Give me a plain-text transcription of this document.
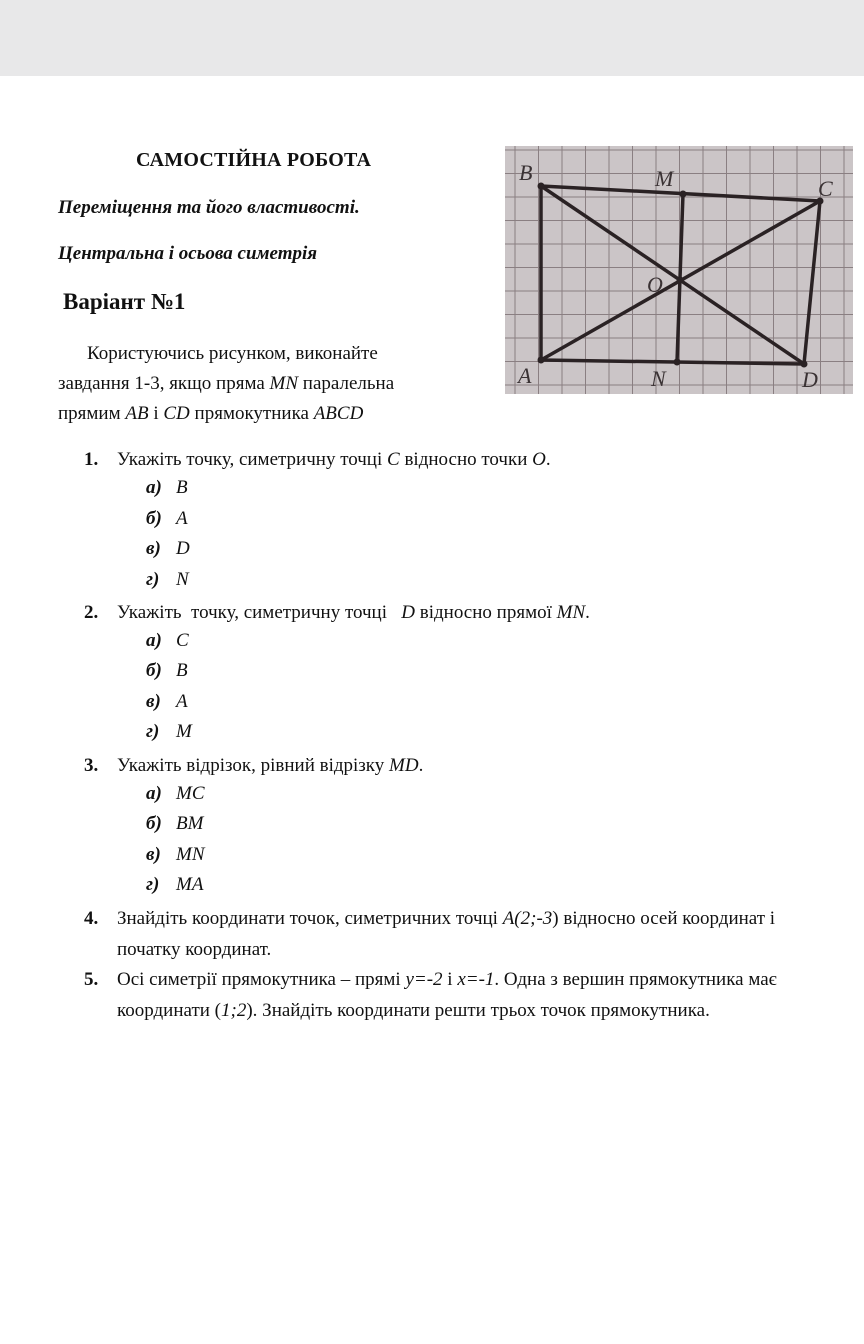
САМОСТІЙНА РОБОТА
Переміщення та його властивості.
Центральна і осьова симетрія
Варіант №1

Користуючись рисунком, виконайте

завдання 1-3, якщо пряма MN паралельна

прямим AB і CD прямокутника ABCD

B	M	C
O
A	N	D
1. Укажіть точку, симетричну точці C відносно точки O.
а) B
б) A
в) D
г) N
2. Укажіть  точку, симетричну точці   D відносно прямої MN.
а) C
б) B
в) A
г) M
3. Укажіть відрізок, рівний відрізку MD.
а) MC
б) BM
в) MN
г) MA
4. Знайдіть координати точок, симетричних точці A(2;-3) відносно осей координат і початку координат.
5. Осі симетрії прямокутника – прямі y=-2 і x=-1. Одна з вершин прямокутника має координати (1;2). Знайдіть координати решти трьох точок прямокутника.
